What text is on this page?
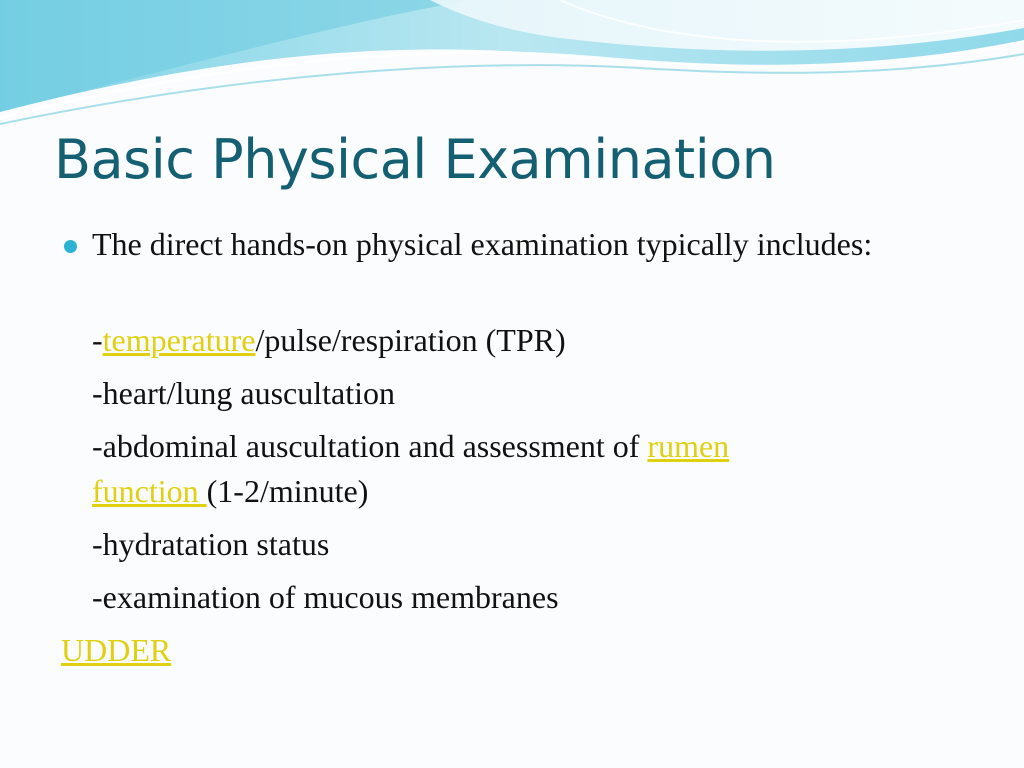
Basic Physical Examination
The direct hands-on physical examination typically includes:
-temperature/pulse/respiration (TPR)
-heart/lung auscultation
-abdominal auscultation and assessment of rumen
function (1-2/minute)
-hydratation status
-examination of mucous membranes
UDDER
